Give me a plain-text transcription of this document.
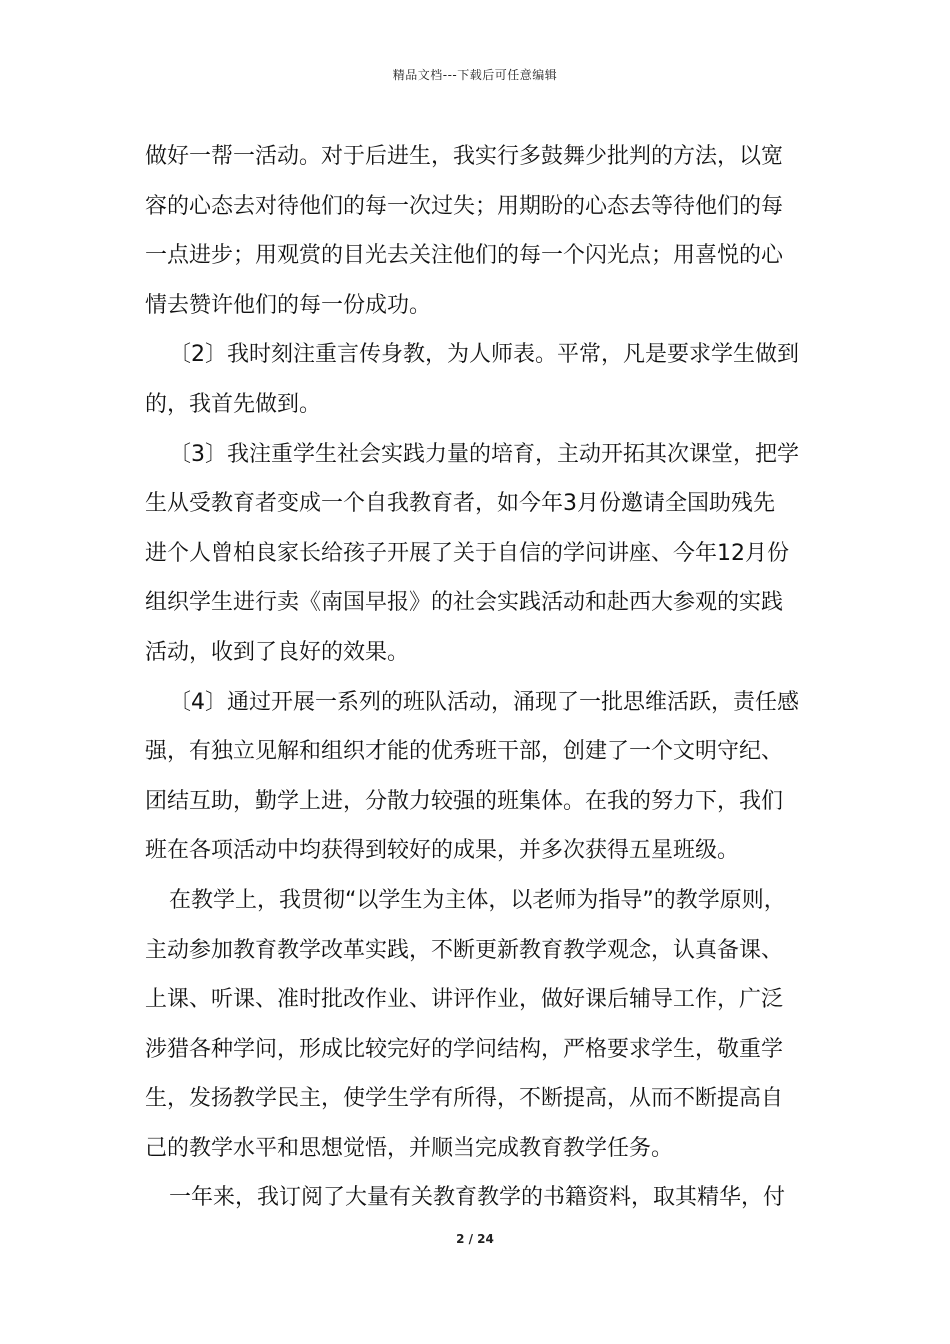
精品文档---下载后可任意编辑
做好一帮一活动。对于后进生，我实行多鼓舞少批判的方法，以宽
容的心态去对待他们的每一次过失；用期盼的心态去等待他们的每
一点进步；用观赏的目光去关注他们的每一个闪光点；用喜悦的心
情去赞许他们的每一份成功。
〔2〕我时刻注重言传身教，为人师表。平常，凡是要求学生做到
的，我首先做到。
〔3〕我注重学生社会实践力量的培育，主动开拓其次课堂，把学
生从受教育者变成一个自我教育者，如今年3月份邀请全国助残先
进个人曾柏良家长给孩子开展了关于自信的学问讲座、今年12月份
组织学生进行卖《南国早报》的社会实践活动和赴西大参观的实践
活动，收到了良好的效果。
〔4〕通过开展一系列的班队活动，涌现了一批思维活跃，责任感
强，有独立见解和组织才能的优秀班干部，创建了一个文明守纪、
团结互助，勤学上进，分散力较强的班集体。在我的努力下，我们
班在各项活动中均获得到较好的成果，并多次获得五星班级。
在教学上，我贯彻“以学生为主体，以老师为指导”的教学原则，
主动参加教育教学改革实践，不断更新教育教学观念，认真备课、
上课、听课、准时批改作业、讲评作业，做好课后辅导工作，广泛
涉猎各种学问，形成比较完好的学问结构，严格要求学生，敬重学
生，发扬教学民主，使学生学有所得，不断提高，从而不断提高自
己的教学水平和思想觉悟，并顺当完成教育教学任务。
一年来，我订阅了大量有关教育教学的书籍资料，取其精华，付
2 / 24
